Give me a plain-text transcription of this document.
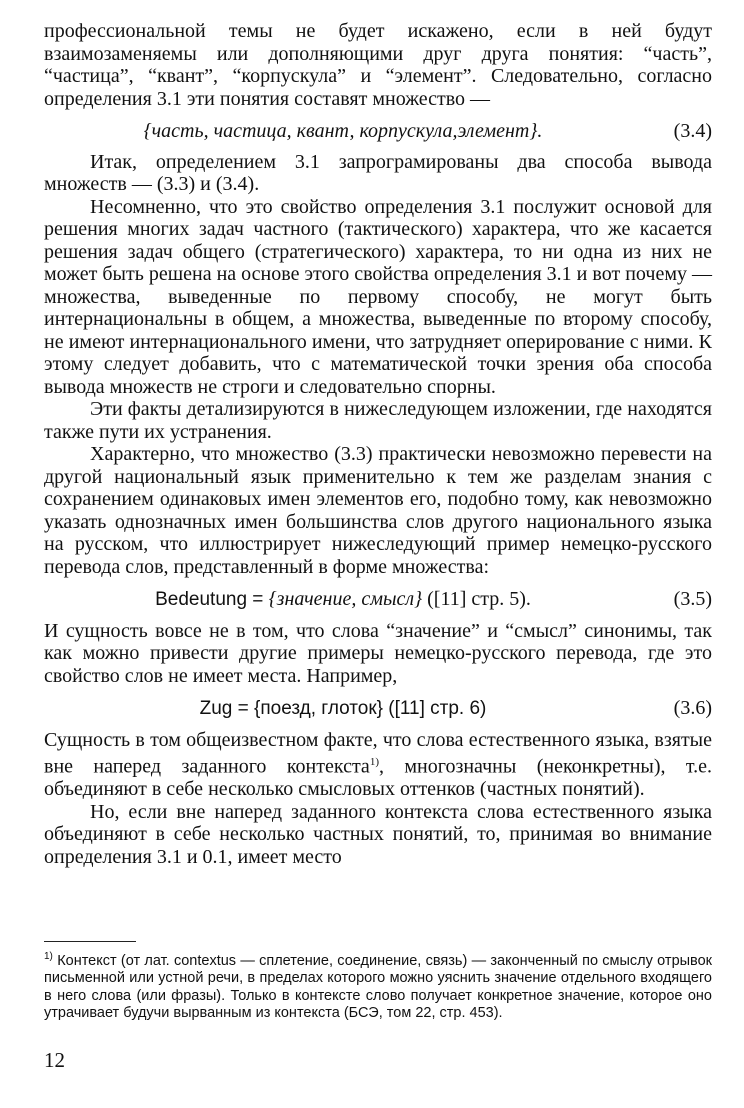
профессиональной темы не будет искажено, если в ней будут взаимозаменяемы или дополняющими друг друга понятия: “часть”, “частица”, “квант”, “корпускула” и “элемент”. Следовательно, согласно определения 3.1 эти понятия составят множество —

{часть, частица, квант, корпускула,элемент}.	(3.4)

Итак, определением 3.1 запрограмированы два способа вывода множеств — (3.3) и (3.4).

Несомненно, что это свойство определения 3.1 послужит основой для решения многих задач частного (тактического) характера, что же касается решения задач общего (стратегического) характера, то ни одна из них не может быть решена на основе этого свойства определения 3.1 и вот почему — множества, выведенные по первому способу, не могут быть интернациональны в общем, а множества, выведенные по второму способу, не имеют интернационального имени, что затрудняет оперирование с ними. К этому следует добавить, что с математической точки зрения оба способа вывода множеств не строги и следовательно спорны.

Эти факты детализируются в нижеследующем изложении, где находятся также пути их устранения.

Характерно, что множество (3.3) практически невозможно перевести на другой национальный язык применительно к тем же разделам знания с сохранением одинаковых имен элементов его, подобно тому, как невозможно указать однозначных имен большинства слов другого национального языка на русском, что иллюстрирует нижеследующий пример немецко-русского перевода слов, представленный в форме множества:

Bedeutung = {значение, смысл} ([11] стр. 5).	(3.5)

И сущность вовсе не в том, что слова “значение” и “смысл” синонимы, так как можно привести другие примеры немецко-русского перевода, где это свойство слов не имеет места. Например,

Zug = {поезд, глоток} ([11] стр. 6)	(3.6)

Сущность в том общеизвестном факте, что слова естественного языка, взятые вне наперед заданного контекста$^{1)}$, многозначны (неконкретны), т.е. объединяют в себе несколько смысловых оттенков (частных понятий).

Но, если вне наперед заданного контекста слова естественного языка объединяют в себе несколько частных понятий, то, принимая во внимание определения 3.1 и 0.1, имеет место

$^{1)}$ Контекст (от лат. contextus — сплетение, соединение, связь) — законченный по смыслу отрывок письменной или устной речи, в пределах которого можно уяснить значение отдельного входящего в него слова (или фразы). Только в контексте слово получает конкретное значение, которое оно утрачивает будучи вырванным из контекста (БСЭ, том 22, стр. 453).
12
